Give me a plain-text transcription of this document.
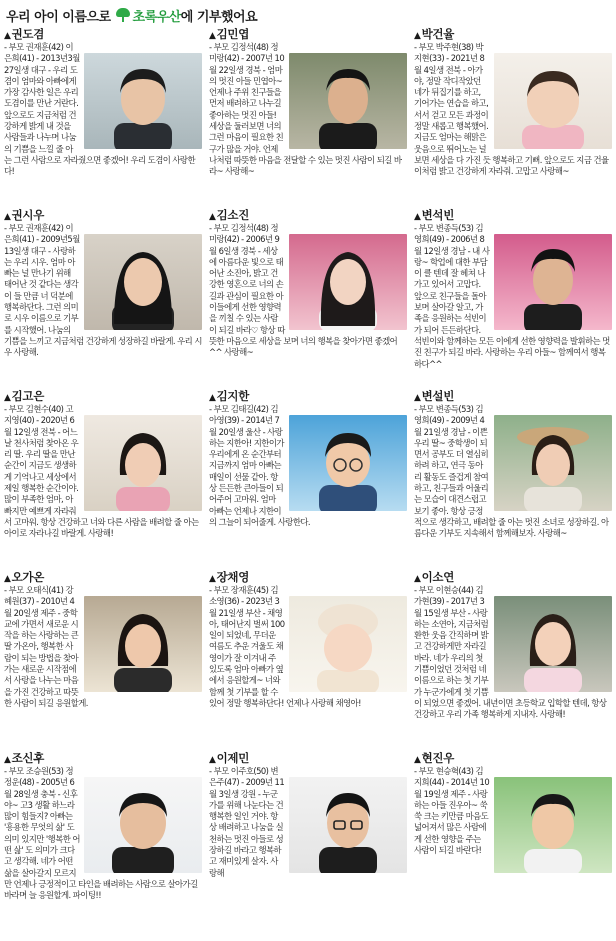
우리 아이 이름으로 초록우산 에 기부했어요
▲권도겸
- 부모 권재훈(42) 이은희(41) - 2013년3월 27일생 대구 - 우리 도겸이 엄마와 아빠에게 가장 감사한 일은 우리 도겸이를 만난 거란다. 앞으로도 지금처럼 건강하게 밝게 내 것을 사람들과 나누며 나눔의 기쁨을 느낄 줄 아는 그런 사람으로 자라줬으면 좋겠어! 우리 도겸이 사랑한다!
▲김민엽
- 부모 김정석(48) 정미랑(42) - 2007년 10월 22일생 경북 - 엄마의 멋진 아들 민엽아~ 언제나 주위 친구들을 먼저 배려하고 나누길 좋아하는 멋진 아들! 세상을 둘러보면 너의 그런 마음이 필요한 친구가 많을 거야. 언제나처럼 따뜻한 마음을 전달할 수 있는 멋진 사람이 되길 바라~ 사랑해~
▲박건율
- 부모 박주현(38) 박지현(33) - 2021년 8월 4일생 전북 - 아가야, 정말 작디작았던 네가 뒤집기를 하고, 기어가는 연습을 하고, 서서 걷고 모든 과정이 정말 새롭고 행복했어. 지금도 엄마는 해맑은 웃음으로 뛰어노는 널 보면 세상을 다 가진 듯 행복하고 기뻐. 앞으로도 지금 건율이처럼 밝고 건강하게 자라줘. 고맙고 사랑해~
▲권시우
- 부모 권재훈(42) 이은희(41) - 2009년5월 13일생 대구 - 사랑하는 우리 시우. 엄마 아빠는 널 만나기 위해 태어난 것 같다는 생각이 들 만큼 너 덕분에 행복하단다. 그런 의미로 시우 이름으로 기부를 시작했어. 나눔의 기쁨을 느끼고 지금처럼 건강하게 성장하길 바랄게. 우리 시우 사랑해.
▲김소진
- 부모 김정석(48) 정미랑(42) - 2006년 9월 6일생 경북 - 세상에 아름다운 빛으로 태어난 소진아, 밝고 건강한 영혼으로 너의 손길과 관심이 필요한 아이들에게 선한 영향력을 끼칠 수 있는 사람이 되길 바라♡ 항상 따뜻한 마음으로 세상을 보며 너의 행복을 찾아가면 좋겠어^^ 사랑해~
▲변석빈
- 부모 변종득(53) 김영희(49) - 2006년 8월 12일생 경남 - 내 사랑~ 학업에 대한 부담이 클 텐데 잘 헤쳐 나가고 있어서 고맙다. 앞으로 친구들을 돌아보며 살아갈 알고, 가족을 응원하는 석빈이가 되어 든든하단다. 석빈이와 함께하는 모든 이에게 선한 영향력을 발휘하는 멋진 친구가 되길 바라. 사랑하는 우리 아들~ 함께여서 행복하다^^
▲김고은
- 부모 김현수(40) 고지영(40) - 2020년 6월 12일생 전북 - 어느 날 천사처럼 찾아온 우리 딸. 우리 딸을 만난 순간이 지금도 생생하게 기억나고 세상에서 제일 행복한 순간이야. 많이 부족한 엄마, 아빠지만 예쁘게 자라줘서 고마워. 항상 건강하고 너와 다른 사람을 배려할 줄 아는 아이로 자라나길 바랄게. 사랑해!
▲김지한
- 부모 김태길(42) 김아영(39) - 2014년 7월 20일생 울산 - 사랑하는 지한아! 지한이가 우리에게 온 순간부터 지금까지 엄마 아빠는 매일이 선물 같아. 항상 든든한 큰아들이 되어주어 고마워. 엄마 아빠는 언제나 지한이의 그늘이 되어줄게. 사랑한다.
▲변설빈
- 부모 변종득(53) 김영희(49) - 2009년 4월 21일생 경남 - 이쁜 우리 딸~ 중학생이 되면서 공부도 더 열심히 하려 하고, 연극 동아리 활동도 즐겁게 참여하고, 친구들과 어울리는 모습이 대견스럽고 보기 좋아. 항상 긍정적으로 생각하고, 배려할 줄 아는 멋진 소녀로 성장하길. 아름다운 기부도 지속해서 함께해보자. 사랑해~
▲오가온
- 부모 오태식(41) 강혜원(37) - 2010년 4월 20일생 제주 - 중학교에 가면서 새로운 시작을 하는 사랑하는 큰딸 가온아, 행복한 사람이 되는 방법을 찾아가는 새로운 시작점에서 사랑을 나누는 마음을 가진 건강하고 따뜻한 사람이 되길 응원할게.
▲장채영
- 부모 장재훈(45) 김소영(36) - 2023년 3월 21일생 부산 - 채영아, 태어난지 벌써 100일이 되었네, 무더운 여름도 추운 겨울도 채영이가 잘 이겨내 주 있도록 엄마 아빠가 옆에서 응원할게~ 너와 함께 첫 기부를 할 수 있어 정말 행복하단다! 언제나 사랑해 채영아!
▲이소연
- 부모 이현승(44) 김가현(39) - 2017년 3월 15일생 부산 - 사랑하는 소연아, 지금처럼 환한 웃음 간직하며 밝고 건강하게만 자라길 바라. 네가 우리의 첫 기쁨이었던 것처럼 네 이름으로 하는 첫 기부가 누군가에게 첫 기쁨이 되었으면 좋겠어. 내년이면 초등학교 입학할 텐데, 항상 건강하고 우리 가족 행복하게 지내자. 사랑해!
▲조신후
- 부모 조승원(53) 정정운(48) - 2005년 6월 28일생 충북 - 신후야~ 고3 생활 하느라 많이 힘들지? 아빠는 '흥용한 무엇의 삶' 도 의미 있지만 '행복한 어떤 삶' 도 의미가 크다고 생각해. 네가 어떤 삶을 살아갈지 모르지만 언제나 긍정적이고 타인을 배려하는 사람으로 살아가길 바라며 늘 응원할게. 파이팅!!
▲이제민
- 부모 이주호(50) 변은주(47) - 2009년 11월 3일생 강원 - 누군가를 위해 나눈다는 건 행복한 일인 거야. 항상 배려하고 나눔을 실천하는 멋진 아들로 성장하길 바라고 행복하고 재미있게 살자. 사랑해
▲현진우
- 부모 현승혁(43) 김지희(44) - 2014년 10월 19일생 제주 - 사랑하는 아들 진우아~ 쑥쑥 크는 키만큼 마음도 넓어져서 많은 사람에게 선한 영향을 주는 사람이 되길 바란다!
